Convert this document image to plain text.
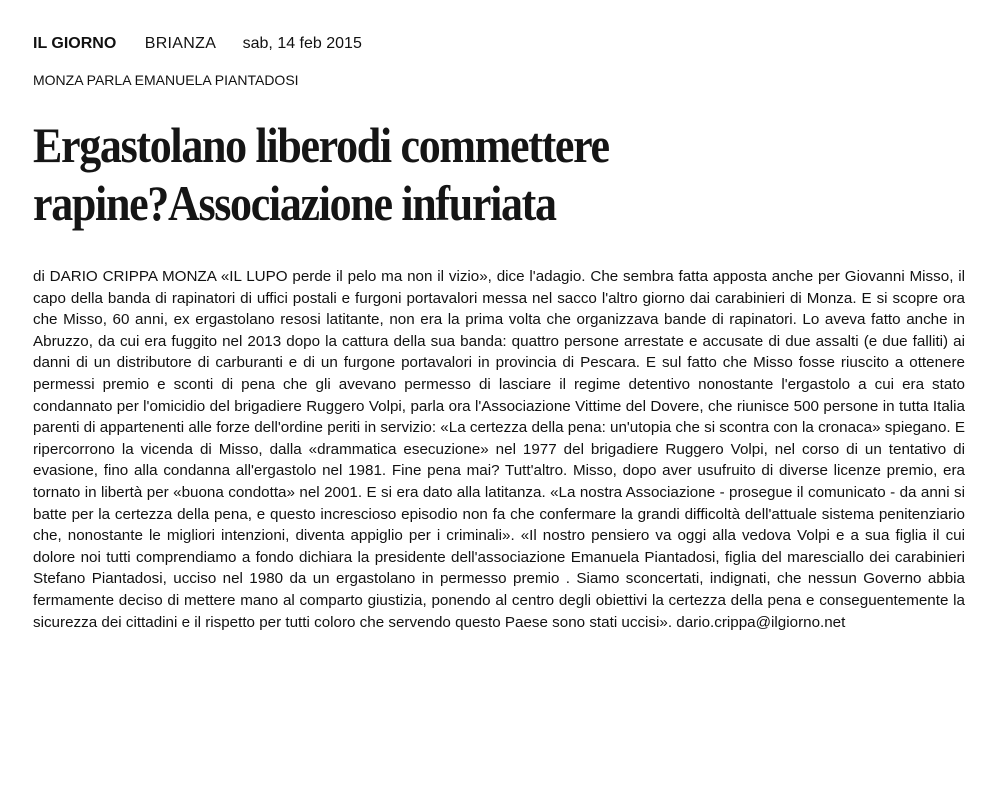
IL GIORNO BRIANZA sab, 14 feb 2015
MONZA PARLA EMANUELA PIANTADOSI
Ergastolano liberodi commettere
rapine?Associazione infuriata

di DARIO CRIPPA MONZA «IL LUPO perde il pelo ma non il vizio», dice l'adagio. Che sembra fatta apposta anche per Giovanni Misso, il capo della banda di rapinatori di uffici postali e furgoni portavalori messa nel sacco l'altro giorno dai carabinieri di Monza. E si scopre ora che Misso, 60 anni, ex ergastolano resosi latitante, non era la prima volta che organizzava bande di rapinatori. Lo aveva fatto anche in Abruzzo, da cui era fuggito nel 2013 dopo la cattura della sua banda: quattro persone arrestate e accusate di due assalti (e due falliti) ai danni di un distributore di carburanti e di un furgone portavalori in provincia di Pescara. E sul fatto che Misso fosse riuscito a ottenere permessi premio e sconti di pena che gli avevano permesso di lasciare il regime detentivo nonostante l'ergastolo a cui era stato condannato per l'omicidio del brigadiere Ruggero Volpi, parla ora l'Associazione Vittime del Dovere, che riunisce 500 persone in tutta Italia parenti di appartenenti alle forze dell'ordine periti in servizio: «La certezza della pena: un'utopia che si scontra con la cronaca» spiegano. E ripercorrono la vicenda di Misso, dalla «drammatica esecuzione» nel 1977 del brigadiere Ruggero Volpi, nel corso di un tentativo di evasione, fino alla condanna all'ergastolo nel 1981. Fine pena mai? Tutt'altro. Misso, dopo aver usufruito di diverse licenze premio, era tornato in libertà per «buona condotta» nel 2001. E si era dato alla latitanza. «La nostra Associazione - prosegue il comunicato - da anni si batte per la certezza della pena, e questo increscioso episodio non fa che confermare la grandi difficoltà dell'attuale sistema penitenziario che, nonostante le migliori intenzioni, diventa appiglio per i criminali». «Il nostro pensiero va oggi alla vedova Volpi e a sua figlia il cui dolore noi tutti comprendiamo a fondo dichiara la presidente dell'associazione Emanuela Piantadosi, figlia del maresciallo dei carabinieri Stefano Piantadosi, ucciso nel 1980 da un ergastolano in permesso premio . Siamo sconcertati, indignati, che nessun Governo abbia fermamente deciso di mettere mano al comparto giustizia, ponendo al centro degli obiettivi la certezza della pena e conseguentemente la sicurezza dei cittadini e il rispetto per tutti coloro che servendo questo Paese sono stati uccisi». dario.crippa@ilgiorno.net
